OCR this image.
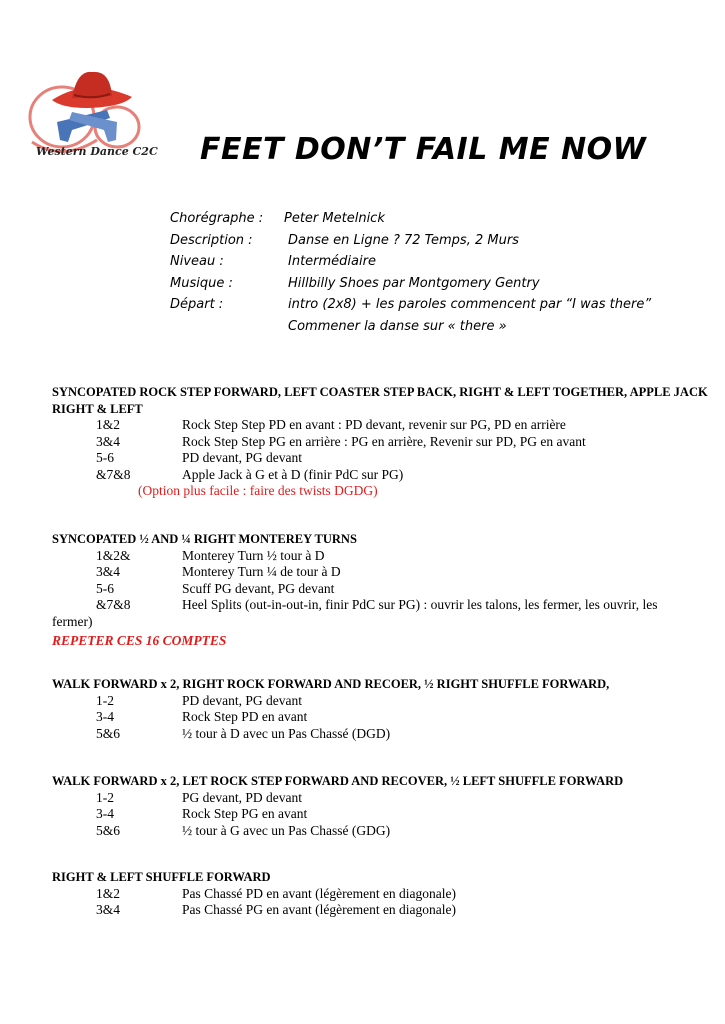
Western Dance C2C FEET DON’T FAIL ME NOW
Chorégraphe :	Peter Metelnick
Description :	Danse en Ligne ? 72 Temps, 2 Murs
Niveau :	Intermédiaire
Musique :	Hillbilly Shoes par Montgomery Gentry
Départ :	intro (2x8) + les paroles commencent par “I was there”
Commener la danse sur « there »
SYNCOPATED ROCK STEP FORWARD, LEFT COASTER STEP BACK, RIGHT & LEFT TOGETHER, APPLE JACK RIGHT & LEFT
1&2	Rock Step Step PD en avant : PD devant, revenir sur PG, PD en arrière
3&4	Rock Step Step PG en arrière : PG en arrière, Revenir sur PD, PG en avant
5-6	PD devant, PG devant
&7&8	Apple Jack à G et à D (finir PdC sur PG)
(Option plus facile : faire des twists DGDG)
SYNCOPATED ½ AND ¼ RIGHT MONTEREY TURNS
1&2&	Monterey Turn ½ tour à D
3&4	Monterey Turn ¼ de tour à D
5-6	Scuff PG devant, PG devant
&7&8	Heel Splits (out-in-out-in, finir PdC sur PG) : ouvrir les talons, les fermer, les ouvrir, les
fermer)
REPETER CES 16 COMPTES
WALK FORWARD x 2, RIGHT ROCK FORWARD AND RECOER, ½ RIGHT SHUFFLE FORWARD,
1-2	PD devant, PG devant
3-4	Rock Step PD en avant
5&6	½ tour à D avec un Pas Chassé (DGD)
WALK FORWARD x 2, LET ROCK STEP FORWARD AND RECOVER, ½ LEFT SHUFFLE FORWARD
1-2	PG devant, PD devant
3-4	Rock Step PG en avant
5&6	½ tour à G avec un Pas Chassé (GDG)
RIGHT & LEFT SHUFFLE FORWARD
1&2	Pas Chassé PD en avant (légèrement en diagonale)
3&4	Pas Chassé PG en avant (légèrement en diagonale)
